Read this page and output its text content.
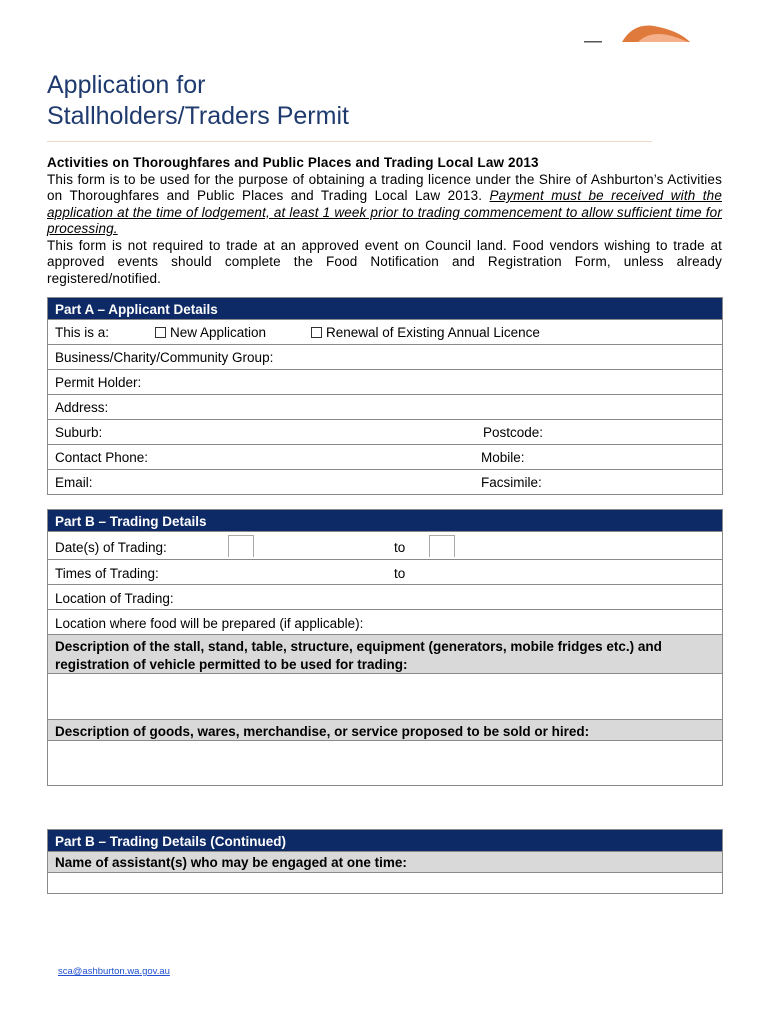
Application for
Stallholders/Traders Permit
Activities on Thoroughfares and Public Places and Trading Local Law 2013

This form is to be used for the purpose of obtaining a trading licence under the Shire of Ashburton’s Activities on Thoroughfares and Public Places and Trading Local Law 2013. Payment must be received with the application at the time of lodgement, at least 1 week prior to trading commencement to allow sufficient time for processing.

This form is not required to trade at an approved event on Council land. Food vendors wishing to trade at approved events should complete the Food Notification and Registration Form, unless already registered/notified.

Part A – Applicant Details
This is a:	New Application	Renewal of Existing Annual Licence
Business/Charity/Community Group:
Permit Holder:
Address:
Suburb:	Postcode:
Contact Phone:	Mobile:
Email:	Facsimile:
Part B – Trading Details
Date(s) of Trading:	to
Times of Trading:	to
Location of Trading:
Location where food will be prepared (if applicable):
Description of the stall, stand, table, structure, equipment (generators, mobile fridges etc.) and registration of vehicle permitted to be used for trading:
Description of goods, wares, merchandise, or service proposed to be sold or hired:
Part B – Trading Details (Continued)
Name of assistant(s) who may be engaged at one time:
sca@ashburton.wa.gov.au
